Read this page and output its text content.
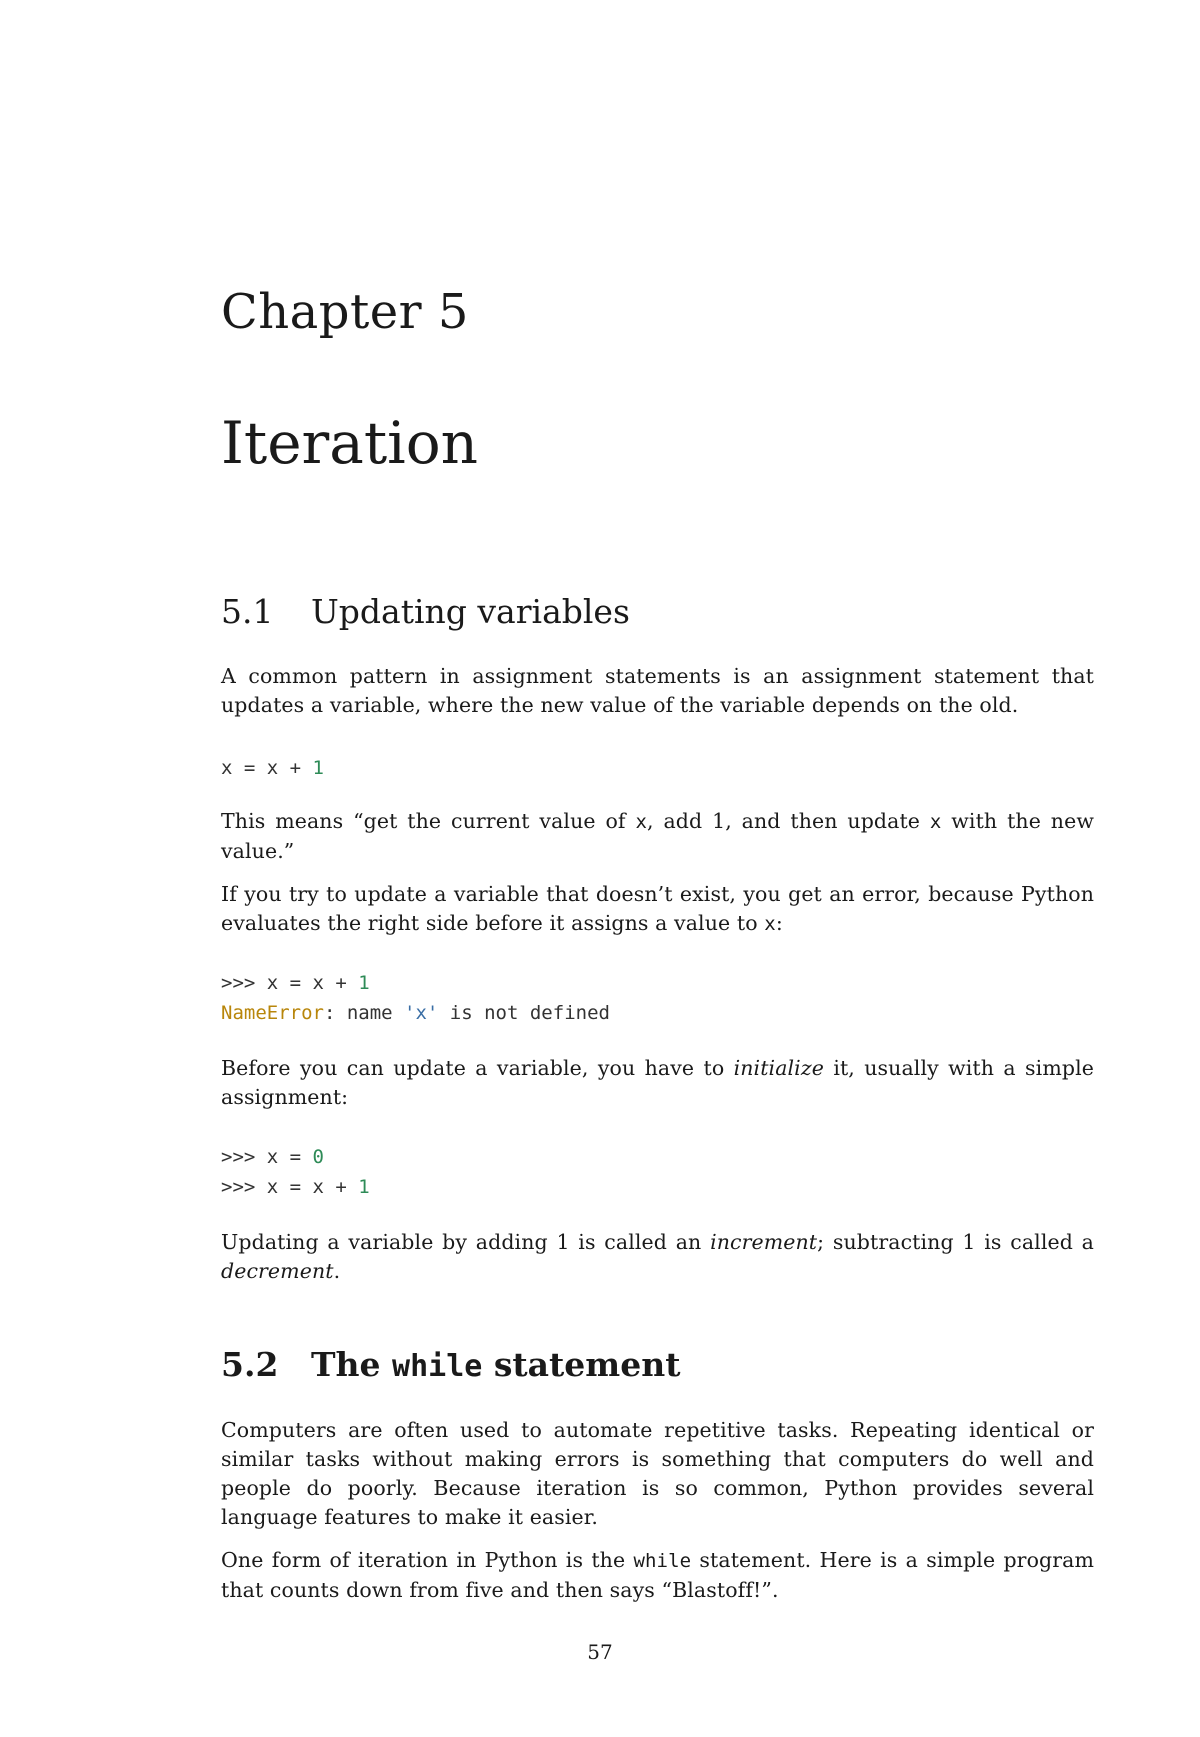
Chapter 5
Iteration
5.1 Updating variables

A common pattern in assignment statements is an assignment statement that updates a variable, where the new value of the variable depends on the old.

x = x + 1

This means “get the current value of x, add 1, and then update x with the new value.”

If you try to update a variable that doesn’t exist, you get an error, because Python evaluates the right side before it assigns a value to x:

>>> x = x + 1
NameError: name 'x' is not defined

Before you can update a variable, you have to initialize it, usually with a simple assignment:

>>> x = 0
>>> x = x + 1

Updating a variable by adding 1 is called an increment; subtracting 1 is called a decrement.

5.2 The while statement

Computers are often used to automate repetitive tasks. Repeating identical or similar tasks without making errors is something that computers do well and people do poorly. Because iteration is so common, Python provides several language features to make it easier.

One form of iteration in Python is the while statement. Here is a simple program that counts down from five and then says “Blastoff!”.

57
